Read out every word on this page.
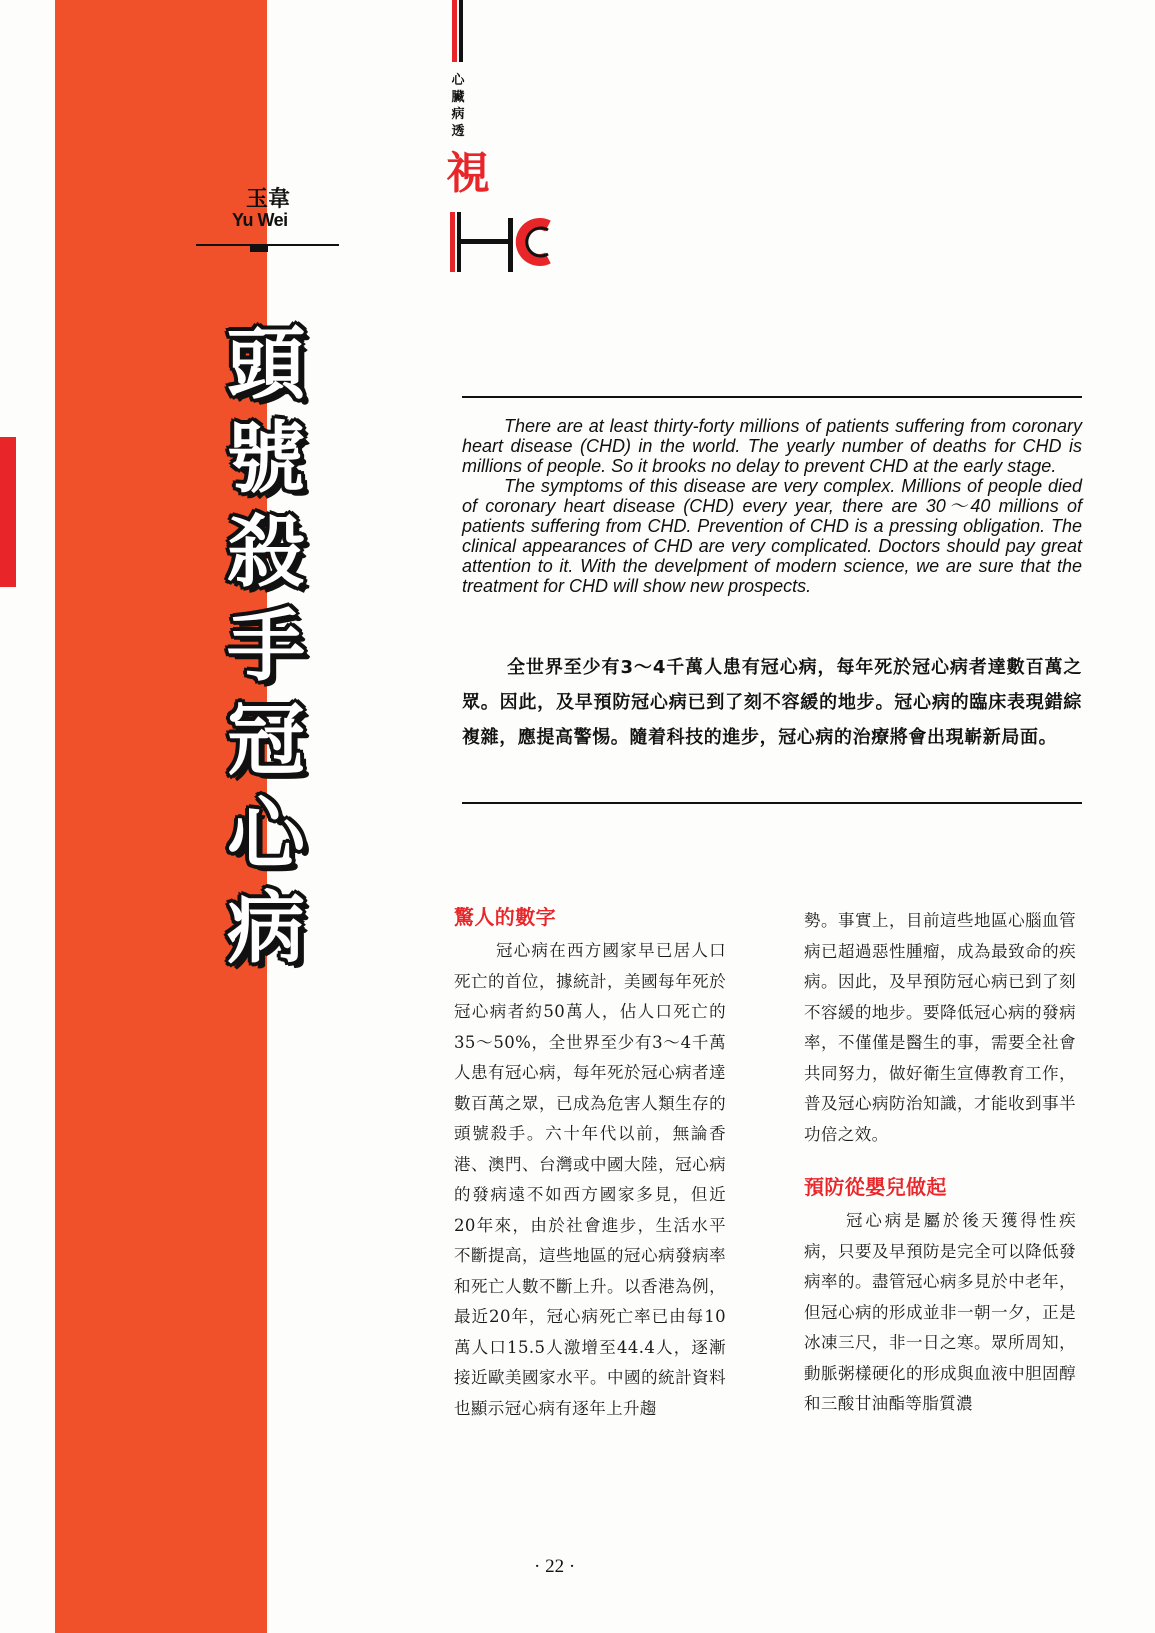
玉韋
Yu Wei
頭
號
殺
手
冠
心
病
心
臟
病
透
視

There are at least thirty-forty millions of patients suffering from coronary heart disease (CHD) in the world. The yearly number of deaths for CHD is millions of people. So it brooks no delay to prevent CHD at the early stage.

The symptoms of this disease are very complex. Millions of people died of coronary heart disease (CHD) every year, there are 30～40 millions of patients suffering from CHD. Prevention of CHD is a pressing obligation. The clinical appearances of CHD are very complicated. Doctors should pay great attention to it. With the develpment of modern science, we are sure that the treatment for CHD will show new prospects.

全世界至少有3～4千萬人患有冠心病，每年死於冠心病者達數百萬之眾。因此，及早預防冠心病已到了刻不容緩的地步。冠心病的臨床表現錯綜複雜，應提高警惕。隨着科技的進步，冠心病的治療將會出現嶄新局面。
驚人的數字

冠心病在西方國家早已居人口死亡的首位，據統計，美國每年死於冠心病者約50萬人，佔人口死亡的35～50%，全世界至少有3～4千萬人患有冠心病，每年死於冠心病者達數百萬之眾，已成為危害人類生存的頭號殺手。六十年代以前，無論香港、澳門、台灣或中國大陸，冠心病的發病遠不如西方國家多見，但近20年來，由於社會進步，生活水平不斷提高，這些地區的冠心病發病率和死亡人數不斷上升。以香港為例，最近20年，冠心病死亡率已由每10萬人口15.5人激增至44.4人，逐漸接近歐美國家水平。中國的統計資料也顯示冠心病有逐年上升趨

勢。事實上，目前這些地區心腦血管病已超過惡性腫瘤，成為最致命的疾病。因此，及早預防冠心病已到了刻不容緩的地步。要降低冠心病的發病率，不僅僅是醫生的事，需要全社會共同努力，做好衛生宣傳教育工作，普及冠心病防治知識，才能收到事半功倍之效。

預防從嬰兒做起

冠心病是屬於後天獲得性疾病，只要及早預防是完全可以降低發病率的。盡管冠心病多見於中老年，但冠心病的形成並非一朝一夕，正是冰凍三尺，非一日之寒。眾所周知，動脈粥樣硬化的形成與血液中胆固醇和三酸甘油酯等脂質濃

· 22 ·
